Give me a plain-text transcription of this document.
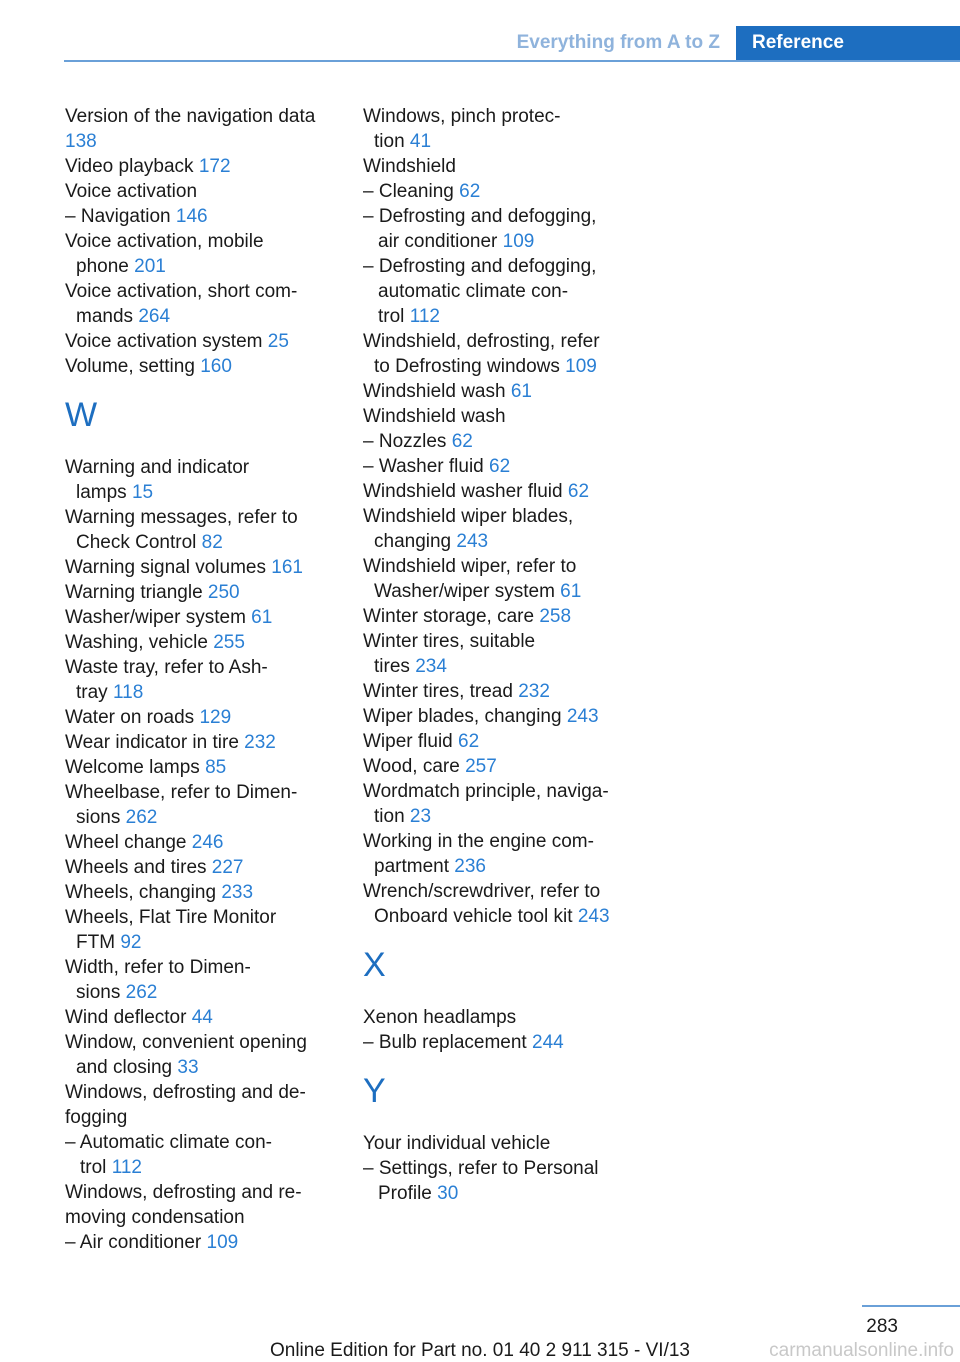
Everything from A to Z	Reference
Version of the navigation data 138
Video playback 172
Voice activation
– Navigation 146
Voice activation, mobile
phone 201
Voice activation, short com-
mands 264
Voice activation system 25
Volume, setting 160
W
Warning and indicator
lamps 15
Warning messages, refer to
Check Control 82
Warning signal volumes 161
Warning triangle 250
Washer/wiper system 61
Washing, vehicle 255
Waste tray, refer to Ash-
tray 118
Water on roads 129
Wear indicator in tire 232
Welcome lamps 85
Wheelbase, refer to Dimen-
sions 262
Wheel change 246
Wheels and tires 227
Wheels, changing 233
Wheels, Flat Tire Monitor
FTM 92
Width, refer to Dimen-
sions 262
Wind deflector 44
Window, convenient opening
and closing 33
Windows, defrosting and de-
fogging
– Automatic climate con-
trol 112
Windows, defrosting and re-
moving condensation
– Air conditioner 109
Windows, pinch protec-
tion 41
Windshield
– Cleaning 62
– Defrosting and defogging,
air conditioner 109
– Defrosting and defogging,
automatic climate con-
trol 112
Windshield, defrosting, refer
to Defrosting windows 109
Windshield wash 61
Windshield wash
– Nozzles 62
– Washer fluid 62
Windshield washer fluid 62
Windshield wiper blades,
changing 243
Windshield wiper, refer to
Washer/wiper system 61
Winter storage, care 258
Winter tires, suitable
tires 234
Winter tires, tread 232
Wiper blades, changing 243
Wiper fluid 62
Wood, care 257
Wordmatch principle, naviga-
tion 23
Working in the engine com-
partment 236
Wrench/screwdriver, refer to
Onboard vehicle tool kit 243
X
Xenon headlamps
– Bulb replacement 244
Y
Your individual vehicle
– Settings, refer to Personal
Profile 30
283
Online Edition for Part no. 01 40 2 911 315 - VI/13	carmanualsonline.info
